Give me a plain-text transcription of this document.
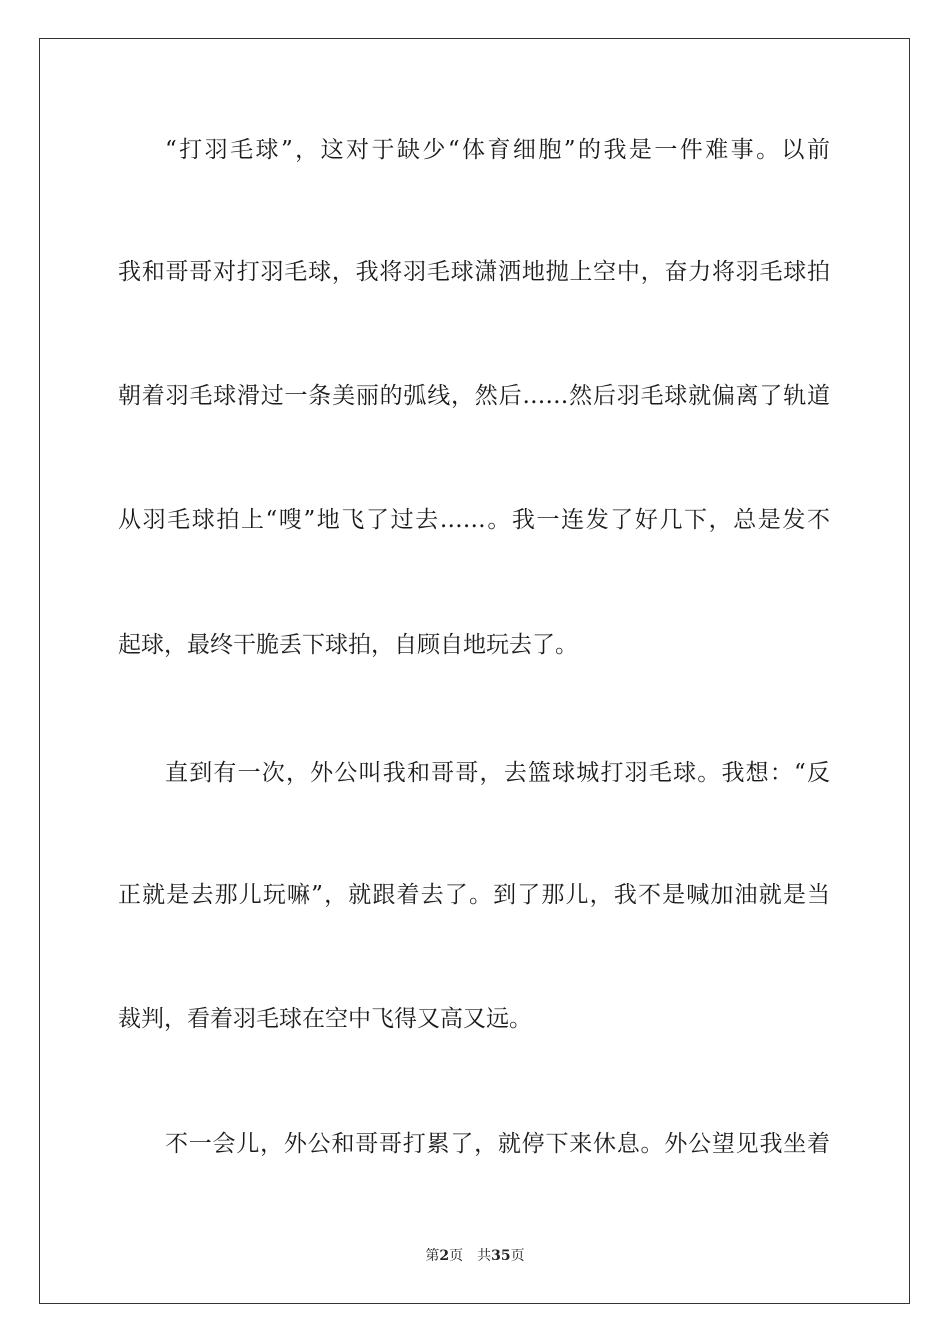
“打羽毛球”，这对于缺少“体育细胞”的我是一件难事。以前
我和哥哥对打羽毛球，我将羽毛球潇洒地抛上空中，奋力将羽毛球拍
朝着羽毛球滑过一条美丽的弧线，然后……然后羽毛球就偏离了轨道
从羽毛球拍上“嗖”地飞了过去……。我一连发了好几下，总是发不
起球，最终干脆丢下球拍，自顾自地玩去了。
直到有一次，外公叫我和哥哥，去篮球城打羽毛球。我想：“反
正就是去那儿玩嘛”，就跟着去了。到了那儿，我不是喊加油就是当
裁判，看着羽毛球在空中飞得又高又远。
不一会儿，外公和哥哥打累了，就停下来休息。外公望见我坐着
第2页 共35页
